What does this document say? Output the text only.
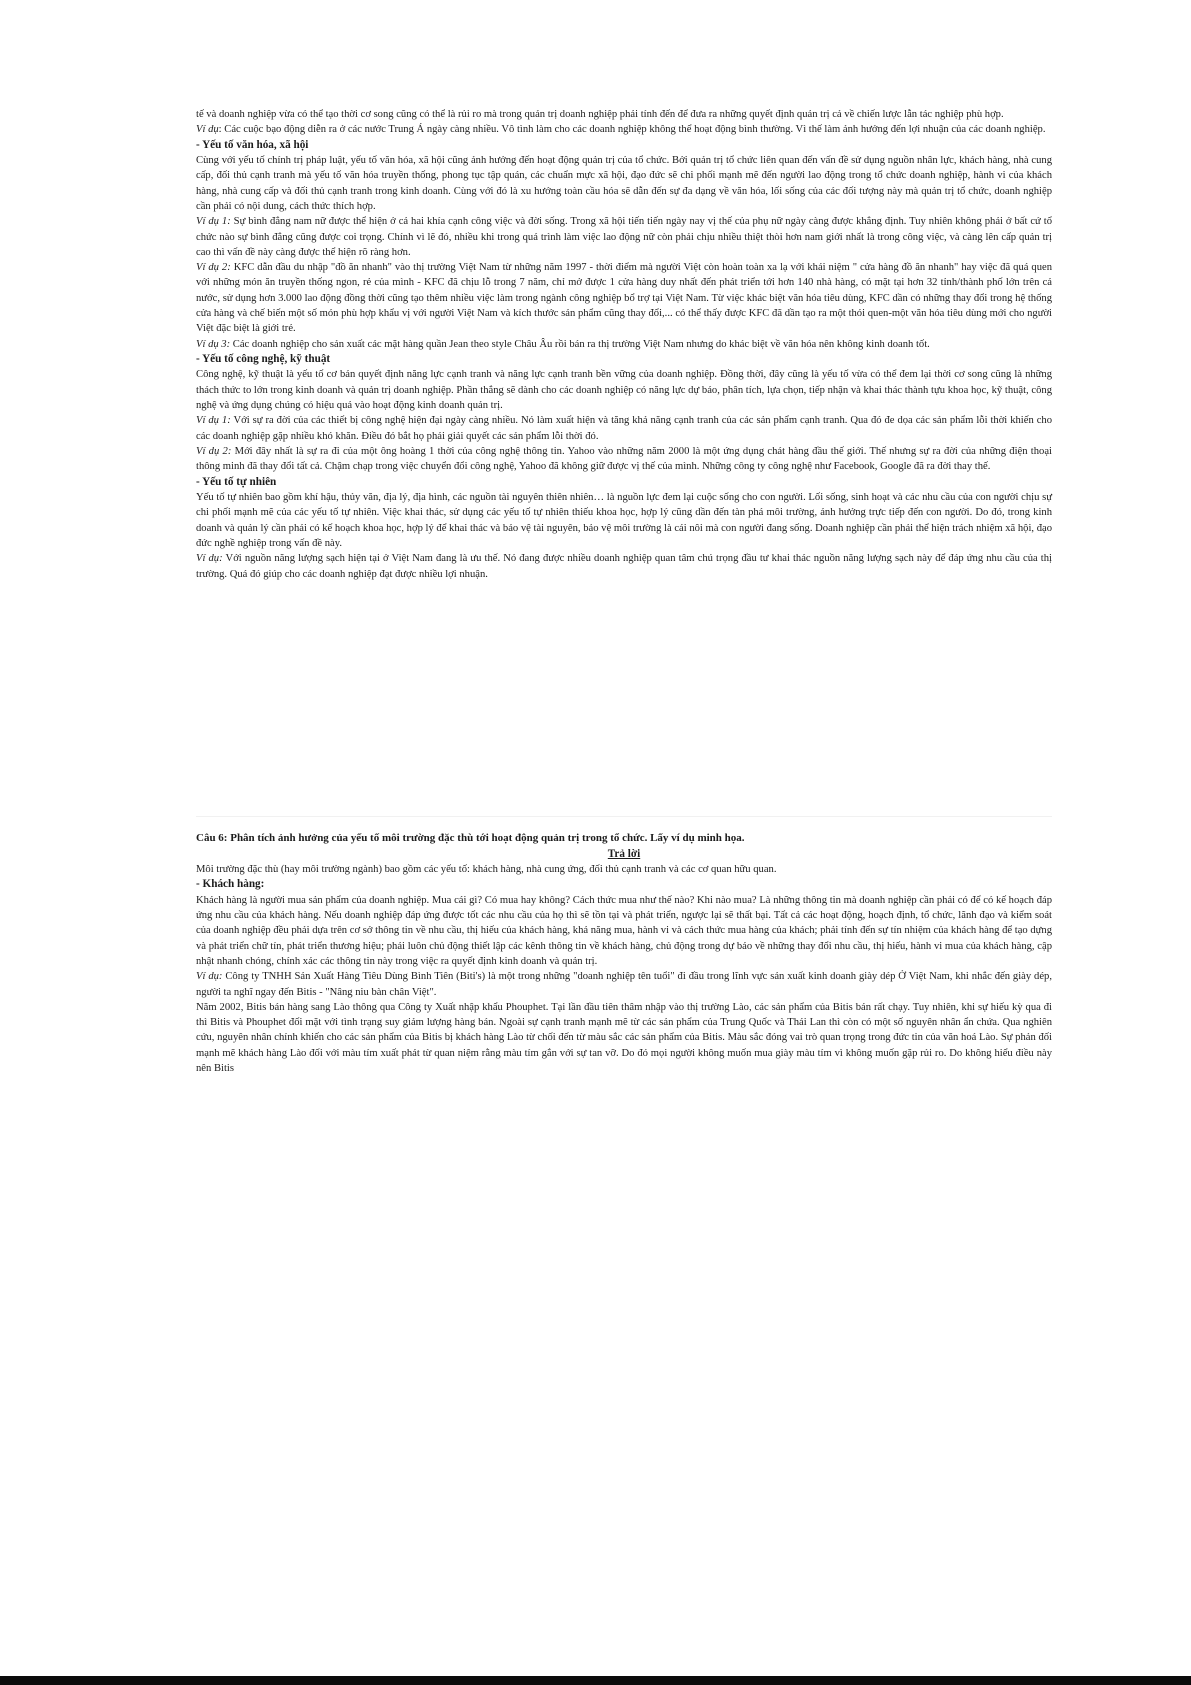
tế và doanh nghiệp vừa có thể tạo thời cơ song cũng có thể là rủi ro mà trong quản trị doanh nghiệp phải tính đến để đưa ra những quyết định quản trị cả về chiến lược lẫn tác nghiệp phù hợp.

Ví dụ: Các cuộc bạo động diễn ra ở các nước Trung Á ngày càng nhiều. Vô tình làm cho các doanh nghiệp không thể hoạt động bình thường. Vì thế làm ảnh hưởng đến lợi nhuận của các doanh nghiệp.

- Yếu tố văn hóa, xã hội

Cùng với yếu tố chính trị pháp luật, yếu tố văn hóa, xã hội cũng ảnh hưởng đến hoạt động quản trị của tổ chức. Bởi quản trị tổ chức liên quan đến vấn đề sử dụng nguồn nhân lực, khách hàng, nhà cung cấp, đối thủ cạnh tranh mà yếu tố văn hóa truyền thống, phong tục tập quán, các chuẩn mực xã hội, đạo đức sẽ chi phối mạnh mẽ đến người lao động trong tổ chức doanh nghiệp, hành vi của khách hàng, nhà cung cấp và đối thủ cạnh tranh trong kinh doanh. Cùng với đó là xu hướng toàn cầu hóa sẽ dẫn đến sự đa dạng về văn hóa, lối sống của các đối tượng này mà quản trị tổ chức, doanh nghiệp cần phải có nội dung, cách thức thích hợp.

Ví dụ 1: Sự bình đẳng nam nữ được thể hiện ở cả hai khía cạnh công việc và đời sống. Trong xã hội tiến tiến ngày nay vị thế của phụ nữ ngày càng được khẳng định. Tuy nhiên không phải ở bất cứ tổ chức nào sự bình đẳng cũng được coi trọng. Chính vì lẽ đó, nhiều khi trong quá trình làm việc lao động nữ còn phải chịu nhiều thiệt thòi hơn nam giới nhất là trong công việc, và càng lên cấp quản trị cao thì vấn đề này càng được thể hiện rõ ràng hơn.

Ví dụ 2: KFC dẫn đầu du nhập "đồ ăn nhanh" vào thị trường Việt Nam từ những năm 1997 - thời điểm mà người Việt còn hoàn toàn xa lạ với khái niệm " cửa hàng đồ ăn nhanh" hay việc đã quá quen với những món ăn truyền thống ngon, rẻ của mình - KFC đã chịu lỗ trong 7 năm, chỉ mở được 1 cửa hàng duy nhất đến phát triển tới hơn 140 nhà hàng, có mặt tại hơn 32 tỉnh/thành phố lớn trên cả nước, sử dụng hơn 3.000 lao động đồng thời cũng tạo thêm nhiều việc làm trong ngành công nghiệp bổ trợ tại Việt Nam. Từ việc khác biệt văn hóa tiêu dùng, KFC dần có những thay đổi trong hệ thống cửa hàng và chế biến một số món phù hợp khẩu vị với người Việt Nam và kích thước sản phẩm cũng thay đổi,... có thể thấy được KFC đã dần tạo ra một thói quen-một văn hóa tiêu dùng mới cho người Việt đặc biệt là giới trẻ.

Ví dụ 3: Các doanh nghiệp cho sản xuất các mặt hàng quần Jean theo style Châu Âu rồi bán ra thị trường Việt Nam nhưng do khác biệt về văn hóa nên không kinh doanh tốt.

- Yếu tố công nghệ, kỹ thuật

Công nghệ, kỹ thuật là yếu tố cơ bản quyết định năng lực cạnh tranh và năng lực cạnh tranh bền vững của doanh nghiệp. Đồng thời, đây cũng là yếu tố vừa có thể đem lại thời cơ song cũng là những thách thức to lớn trong kinh doanh và quản trị doanh nghiệp. Phần thắng sẽ dành cho các doanh nghiệp có năng lực dự báo, phân tích, lựa chọn, tiếp nhận và khai thác thành tựu khoa học, kỹ thuật, công nghệ và ứng dụng chúng có hiệu quả vào hoạt động kinh doanh quản trị.

Ví dụ 1: Với sự ra đời của các thiết bị công nghệ hiện đại ngày càng nhiều. Nó làm xuất hiện và tăng khả năng cạnh tranh của các sản phẩm cạnh tranh. Qua đó đe dọa các sản phẩm lỗi thời khiến cho các doanh nghiệp gặp nhiều khó khăn. Điều đó bắt họ phải giải quyết các sản phẩm lỗi thời đó.

Ví dụ 2: Mới đây nhất là sự ra đi của một ông hoàng 1 thời của công nghệ thông tin. Yahoo vào những năm 2000 là một ứng dụng chát hàng đầu thế giới. Thế nhưng sự ra đời của những điện thoại thông minh đã thay đổi tất cả. Chậm chạp trong việc chuyển đổi công nghệ, Yahoo đã không giữ được vị thế của mình. Những công ty công nghệ như Facebook, Google đã ra đời thay thế.

- Yếu tố tự nhiên

Yếu tố tự nhiên bao gồm khí hậu, thủy văn, địa lý, địa hình, các nguồn tài nguyên thiên nhiên… là nguồn lực đem lại cuộc sống cho con người. Lối sống, sinh hoạt và các nhu cầu của con người chịu sự chi phối mạnh mẽ của các yếu tố tự nhiên. Việc khai thác, sử dụng các yếu tố tự nhiên thiếu khoa học, hợp lý cũng dần đến tàn phá môi trường, ảnh hưởng trực tiếp đến con người. Do đó, trong kinh doanh và quản lý cần phải có kế hoạch khoa học, hợp lý để khai thác và bảo vệ tài nguyên, bảo vệ môi trường là cái nôi mà con người đang sống. Doanh nghiệp cần phải thể hiện trách nhiệm xã hội, đạo đức nghề nghiệp trong vấn đề này.

Ví dụ: Với nguồn năng lượng sạch hiện tại ở Việt Nam đang là ưu thế. Nó đang được nhiều doanh nghiệp quan tâm chú trọng đầu tư khai thác nguồn năng lượng sạch này để đáp ứng nhu cầu của thị trường. Quá đó giúp cho các doanh nghiệp đạt được nhiều lợi nhuận.

Câu 6: Phân tích ảnh hưởng của yếu tố môi trường đặc thù tới hoạt động quản trị trong tổ chức. Lấy ví dụ minh họa.

Trả lời

Môi trường đặc thù (hay môi trường ngành) bao gồm các yếu tố: khách hàng, nhà cung ứng, đối thủ cạnh tranh và các cơ quan hữu quan.

- Khách hàng:

Khách hàng là người mua sản phẩm của doanh nghiệp. Mua cái gì? Có mua hay không? Cách thức mua như thế nào? Khi nào mua? Là những thông tin mà doanh nghiệp cần phải có để có kế hoạch đáp ứng nhu cầu của khách hàng. Nếu doanh nghiệp đáp ứng được tốt các nhu cầu của họ thì sẽ tồn tại và phát triển, ngược lại sẽ thất bại. Tất cả các hoạt động, hoạch định, tổ chức, lãnh đạo và kiểm soát của doanh nghiệp đều phải dựa trên cơ sở thông tin về nhu cầu, thị hiếu của khách hàng, khả năng mua, hành vi và cách thức mua hàng của khách; phải tính đến sự tín nhiệm của khách hàng để tạo dựng và phát triển chữ tín, phát triển thương hiệu; phải luôn chủ động thiết lập các kênh thông tin về khách hàng, chủ động trong dự báo về những thay đổi nhu cầu, thị hiếu, hành vi mua của khách hàng, cập nhật nhanh chóng, chính xác các thông tin này trong việc ra quyết định kinh doanh và quản trị.

Ví dụ: Công ty TNHH Sản Xuất Hàng Tiêu Dùng Bình Tiên (Biti's) là một trong những "doanh nghiệp tên tuổi" đi đầu trong lĩnh vực sản xuất kinh doanh giày dép Ở Việt Nam, khi nhắc đến giày dép, người ta nghĩ ngay đến Bitis - "Nâng niu bàn chân Việt".

Năm 2002, Bitis bán hàng sang Lào thông qua Công ty Xuất nhập khẩu Phouphet. Tại lần đầu tiên thâm nhập vào thị trường Lào, các sản phẩm của Bitis bán rất chạy. Tuy nhiên, khi sự hiếu kỳ qua đi thì Bitis và Phouphet đối mặt với tình trạng suy giảm lượng hàng bán. Ngoài sự cạnh tranh mạnh mẽ từ các sản phẩm của Trung Quốc và Thái Lan thì còn có một số nguyên nhân ẩn chứa. Qua nghiên cứu, nguyên nhân chính khiến cho các sản phẩm của Bitis bị khách hàng Lào từ chối đến từ màu sắc các sản phẩm của Bitis. Màu sắc đóng vai trò quan trọng trong đức tin của văn hoá Lào. Sự phản đối mạnh mẽ khách hàng Lào đối với màu tím xuất phát từ quan niệm rằng màu tím gắn với sự tan vỡ. Do đó mọi người không muốn mua giày màu tím vì không muốn gặp rủi ro. Do không hiểu điều này nên Bitis
